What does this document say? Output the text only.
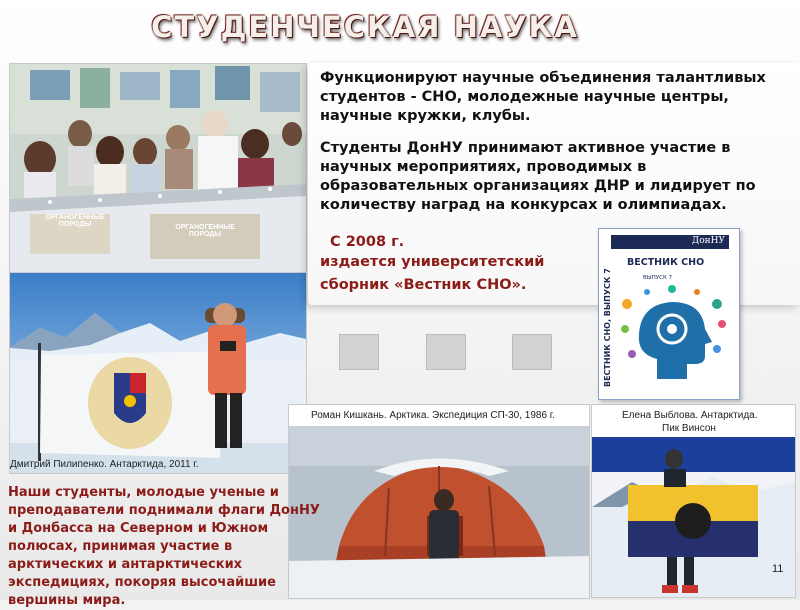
СТУДЕНЧЕСКАЯ НАУКА
ОРГАНОГЕННЫЕ ПОРОДЫ	ОРГАНОГЕННЫЕ ПОРОДЫ
Дмитрий Пилипенко. Антарктида, 2011 г.

Функционируют научные объединения талантливых студентов - СНО, молодежные научные центры, научные кружки, клубы.

Студенты ДонНУ принимают активное участие в научных мероприятиях, проводимых в образовательных организациях ДНР и лидирует по количеству наград на конкурсах и олимпиадах.

С 2008 г.
издается университетский
сборник «Вестник СНО».
ДонНУ
ВЕСТНИК СНО
ВЫПУСК 7
ВЕСТНИК СНО, ВЫПУСК 7
Роман Кишкань. Арктика. Экспедиция СП-30, 1986 г.	Елена Выблова. Антарктида.
Пик Винсон
Наши студенты, молодые ученые и преподаватели поднимали флаги ДонНУ и Донбасса на Северном и Южном полюсах, принимая участие в арктических и антарктических экспедициях, покоряя высочайшие вершины мира.
11
